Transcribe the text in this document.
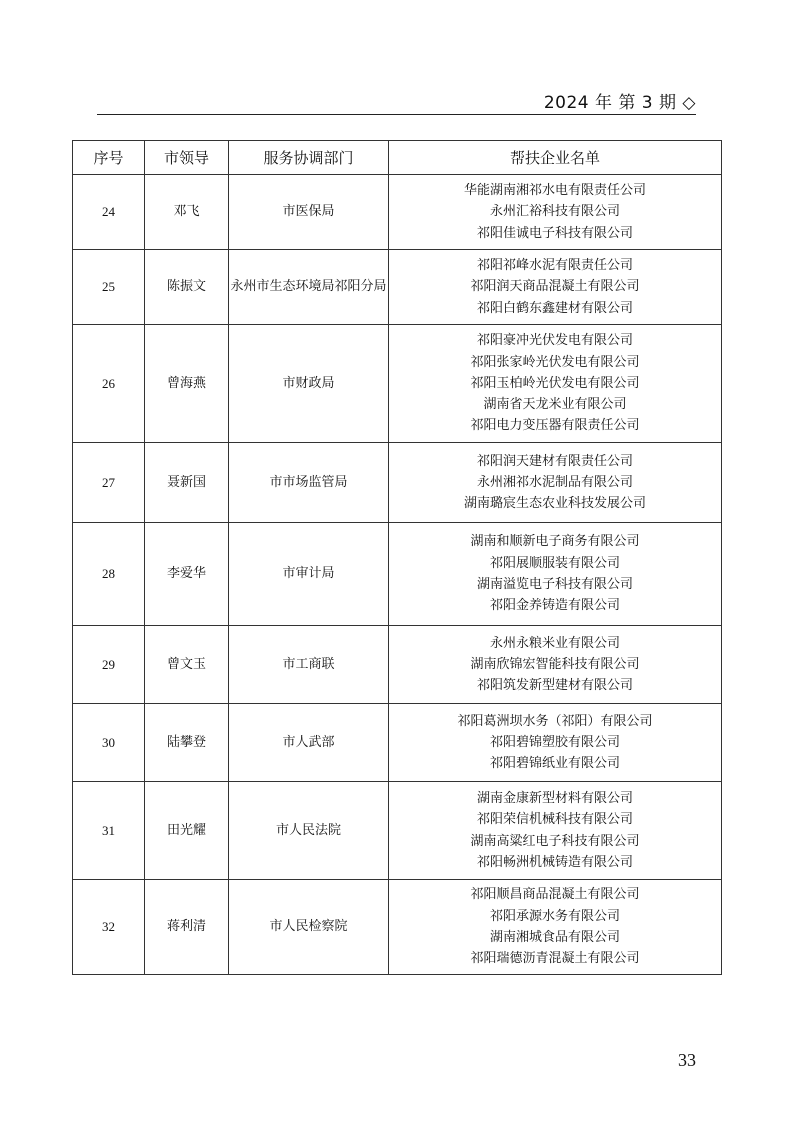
2024 年 第 3 期 ◇
序号	市领导	服务协调部门	帮扶企业名单
24	邓飞	市医保局	华能湖南湘祁水电有限责任公司
永州汇裕科技有限公司
祁阳佳诚电子科技有限公司

25	陈振文	永州市生态环境局祁阳分局	祁阳祁峰水泥有限责任公司
祁阳润天商品混凝土有限公司
祁阳白鹤东鑫建材有限公司

26	曾海燕	市财政局	祁阳豪冲光伏发电有限公司
祁阳张家岭光伏发电有限公司
祁阳玉柏岭光伏发电有限公司
湖南省天龙米业有限公司
祁阳电力变压器有限责任公司

27	聂新国	市市场监管局	祁阳润天建材有限责任公司
永州湘祁水泥制品有限公司
湖南璐宸生态农业科技发展公司

28	李爱华	市审计局	湖南和顺新电子商务有限公司
祁阳展顺服装有限公司
湖南溢览电子科技有限公司
祁阳金养铸造有限公司

29	曾文玉	市工商联	永州永粮米业有限公司
湖南欣锦宏智能科技有限公司
祁阳筑发新型建材有限公司

30	陆攀登	市人武部	祁阳葛洲坝水务（祁阳）有限公司
祁阳碧锦塑胶有限公司
祁阳碧锦纸业有限公司

31	田光耀	市人民法院	湖南金康新型材料有限公司
祁阳荣信机械科技有限公司
湖南高粱红电子科技有限公司
祁阳畅洲机械铸造有限公司

32	蒋利清	市人民检察院	祁阳顺昌商品混凝土有限公司
祁阳承源水务有限公司
湖南湘城食品有限公司
祁阳瑞德沥青混凝土有限公司
33
